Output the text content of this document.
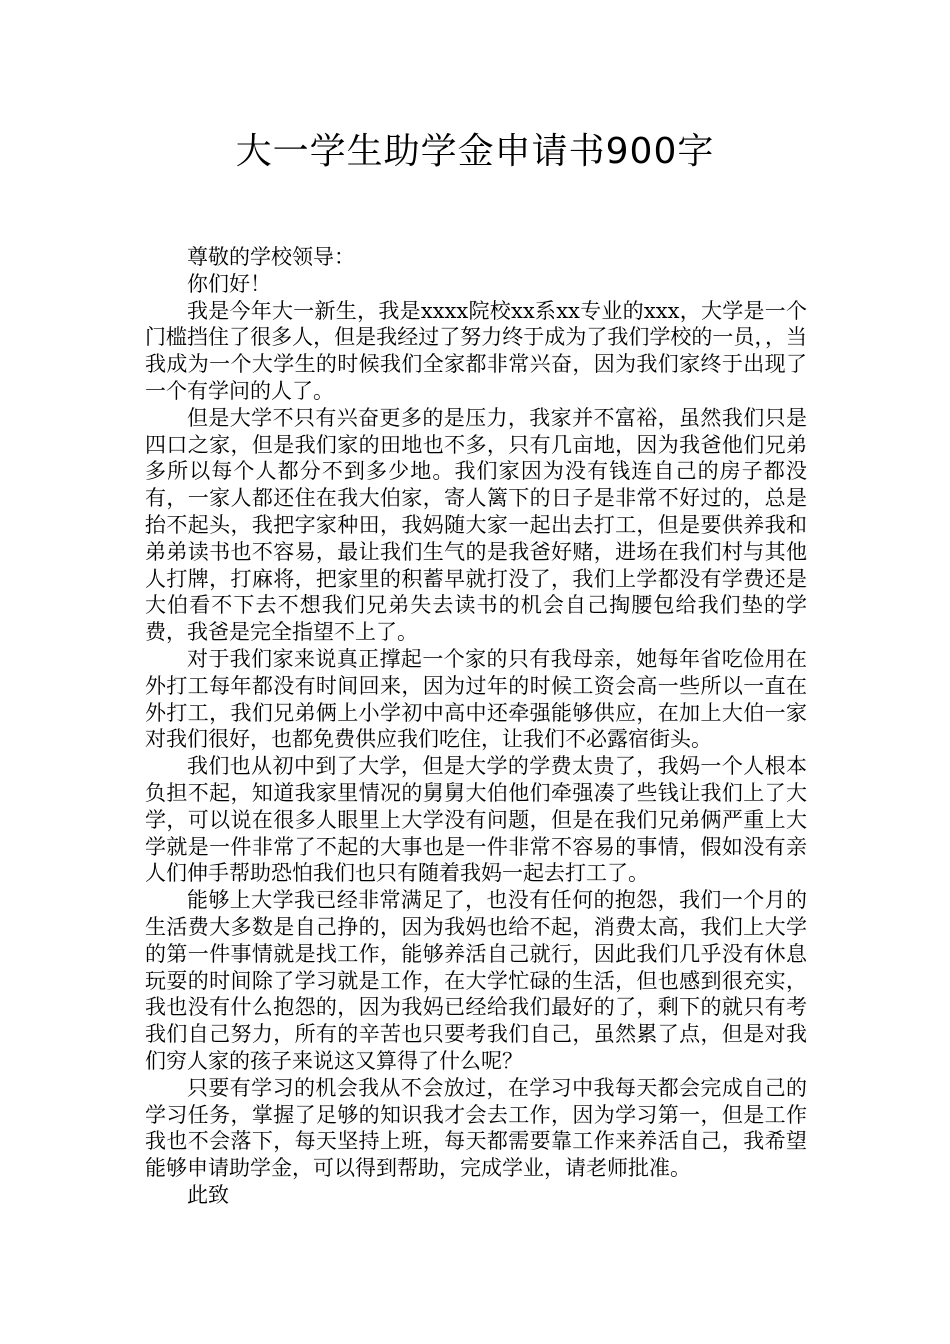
大一学生助学金申请书900字

尊敬的学校领导：

你们好！

我是今年大一新生，我是xxxx院校xx系xx专业的xxx，大学是一个门槛挡住了很多人，但是我经过了努力终于成为了我们学校的一员，，当我成为一个大学生的时候我们全家都非常兴奋，因为我们家终于出现了一个有学问的人了。

但是大学不只有兴奋更多的是压力，我家并不富裕，虽然我们只是四口之家，但是我们家的田地也不多，只有几亩地，因为我爸他们兄弟多所以每个人都分不到多少地。我们家因为没有钱连自己的房子都没有，一家人都还住在我大伯家，寄人篱下的日子是非常不好过的，总是抬不起头，我把字家种田，我妈随大家一起出去打工，但是要供养我和弟弟读书也不容易，最让我们生气的是我爸好赌，进场在我们村与其他人打牌，打麻将，把家里的积蓄早就打没了，我们上学都没有学费还是大伯看不下去不想我们兄弟失去读书的机会自己掏腰包给我们垫的学费，我爸是完全指望不上了。

对于我们家来说真正撑起一个家的只有我母亲，她每年省吃俭用在外打工每年都没有时间回来，因为过年的时候工资会高一些所以一直在外打工，我们兄弟俩上小学初中高中还牵强能够供应，在加上大伯一家对我们很好，也都免费供应我们吃住，让我们不必露宿街头。

我们也从初中到了大学，但是大学的学费太贵了，我妈一个人根本负担不起，知道我家里情况的舅舅大伯他们牵强凑了些钱让我们上了大学，可以说在很多人眼里上大学没有问题，但是在我们兄弟俩严重上大学就是一件非常了不起的大事也是一件非常不容易的事情，假如没有亲人们伸手帮助恐怕我们也只有随着我妈一起去打工了。

能够上大学我已经非常满足了，也没有任何的抱怨，我们一个月的生活费大多数是自己挣的，因为我妈也给不起，消费太高，我们上大学的第一件事情就是找工作，能够养活自己就行，因此我们几乎没有休息玩耍的时间除了学习就是工作，在大学忙碌的生活，但也感到很充实，我也没有什么抱怨的，因为我妈已经给我们最好的了，剩下的就只有考我们自己努力，所有的辛苦也只要考我们自己，虽然累了点，但是对我们穷人家的孩子来说这又算得了什么呢？

只要有学习的机会我从不会放过，在学习中我每天都会完成自己的学习任务，掌握了足够的知识我才会去工作，因为学习第一，但是工作我也不会落下，每天坚持上班，每天都需要靠工作来养活自己，我希望能够申请助学金，可以得到帮助，完成学业，请老师批准。

此致
